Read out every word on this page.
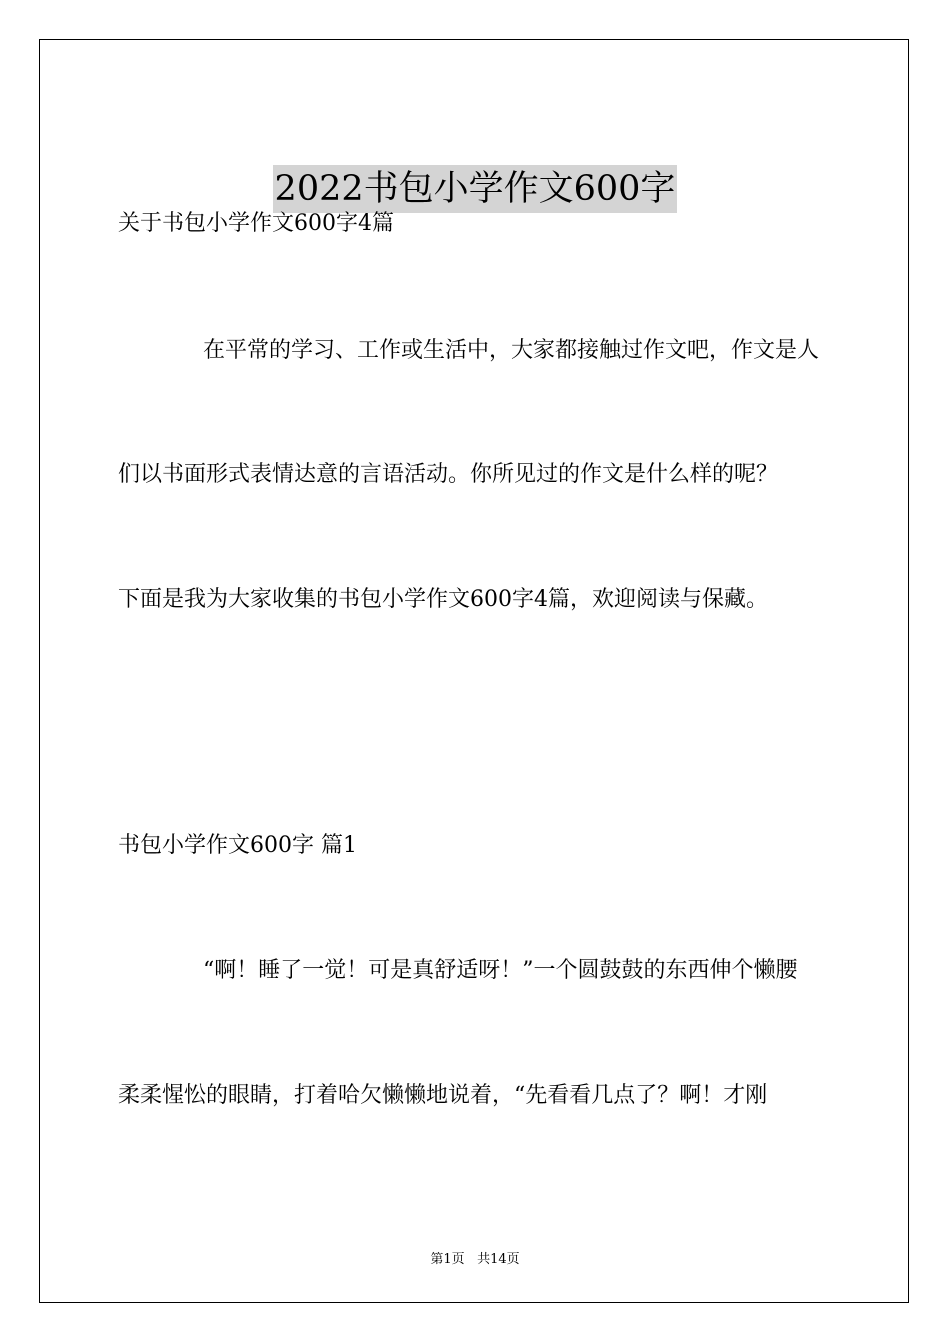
2022书包小学作文600字
关于书包小学作文600字4篇
在平常的学习、工作或生活中，大家都接触过作文吧，作文是人
们以书面形式表情达意的言语活动。你所见过的作文是什么样的呢？
下面是我为大家收集的书包小学作文600字4篇，欢迎阅读与保藏。
书包小学作文600字 篇1
“啊！睡了一觉！可是真舒适呀！”一个圆鼓鼓的东西伸个懒腰
柔柔惺忪的眼睛，打着哈欠懒懒地说着，“先看看几点了？啊！才刚
第1页 共14页
